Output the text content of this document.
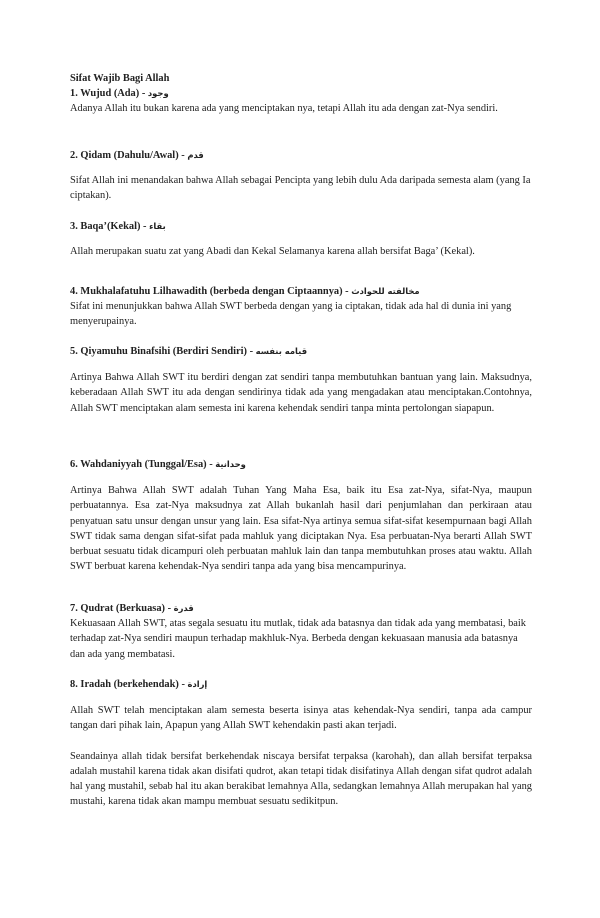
Sifat Wajib Bagi Allah

1. Wujud (Ada) - وجود

Adanya Allah itu bukan karena ada yang menciptakan nya, tetapi Allah itu ada dengan zat-Nya sendiri.

2. Qidam (Dahulu/Awal) - قدم

Sifat Allah ini menandakan bahwa Allah sebagai Pencipta yang lebih dulu Ada daripada semesta alam (yang Ia ciptakan).

3. Baqa’(Kekal) - بقاء

Allah merupakan suatu zat yang Abadi dan Kekal Selamanya karena allah bersifat Baga’ (Kekal).

4. Mukhalafatuhu Lilhawadith (berbeda dengan Ciptaannya) - مخالفته للحوادث

Sifat ini menunjukkan bahwa Allah SWT berbeda dengan yang ia ciptakan, tidak ada hal di dunia ini yang menyerupainya.

5. Qiyamuhu Binafsihi (Berdiri Sendiri) - قيامه بنفسه

Artinya Bahwa Allah SWT itu berdiri dengan zat sendiri tanpa membutuhkan bantuan yang lain. Maksudnya, keberadaan Allah SWT itu ada dengan sendirinya tidak ada yang mengadakan atau menciptakan.Contohnya, Allah SWT menciptakan alam semesta ini karena kehendak sendiri tanpa minta pertolongan siapapun.

6. Wahdaniyyah (Tunggal/Esa) - وحدانية

Artinya Bahwa Allah SWT adalah Tuhan Yang Maha Esa, baik itu Esa zat-Nya, sifat-Nya, maupun perbuatannya. Esa zat-Nya maksudnya zat Allah bukanlah hasil dari penjumlahan dan perkiraan atau penyatuan satu unsur dengan unsur yang lain. Esa sifat-Nya artinya semua sifat-sifat kesempurnaan bagi Allah SWT tidak sama dengan sifat-sifat pada mahluk yang diciptakan Nya. Esa perbuatan-Nya berarti Allah SWT berbuat sesuatu tidak dicampuri oleh perbuatan mahluk lain dan tanpa membutuhkan proses atau waktu. Allah SWT berbuat karena kehendak-Nya sendiri tanpa ada yang bisa mencampurinya.

7. Qudrat (Berkuasa) - قدرة

Kekuasaan Allah SWT, atas segala sesuatu itu mutlak, tidak ada batasnya dan tidak ada yang membatasi, baik terhadap zat-Nya sendiri maupun terhadap makhluk-Nya. Berbeda dengan kekuasaan manusia ada batasnya dan ada yang membatasi.

8. Iradah (berkehendak) - إرادة

Allah SWT telah menciptakan alam semesta beserta isinya atas kehendak-Nya sendiri, tanpa ada campur tangan dari pihak lain, Apapun yang Allah SWT kehendakin pasti akan terjadi.

Seandainya allah tidak bersifat berkehendak niscaya bersifat terpaksa (karohah), dan allah bersifat terpaksa adalah mustahil karena tidak akan disifati qudrot, akan tetapi tidak disifatinya Allah dengan sifat qudrot adalah hal yang mustahil, sebab hal itu akan berakibat lemahnya Alla, sedangkan lemahnya Allah merupakan hal yang mustahi, karena tidak akan mampu membuat sesuatu sedikitpun.
